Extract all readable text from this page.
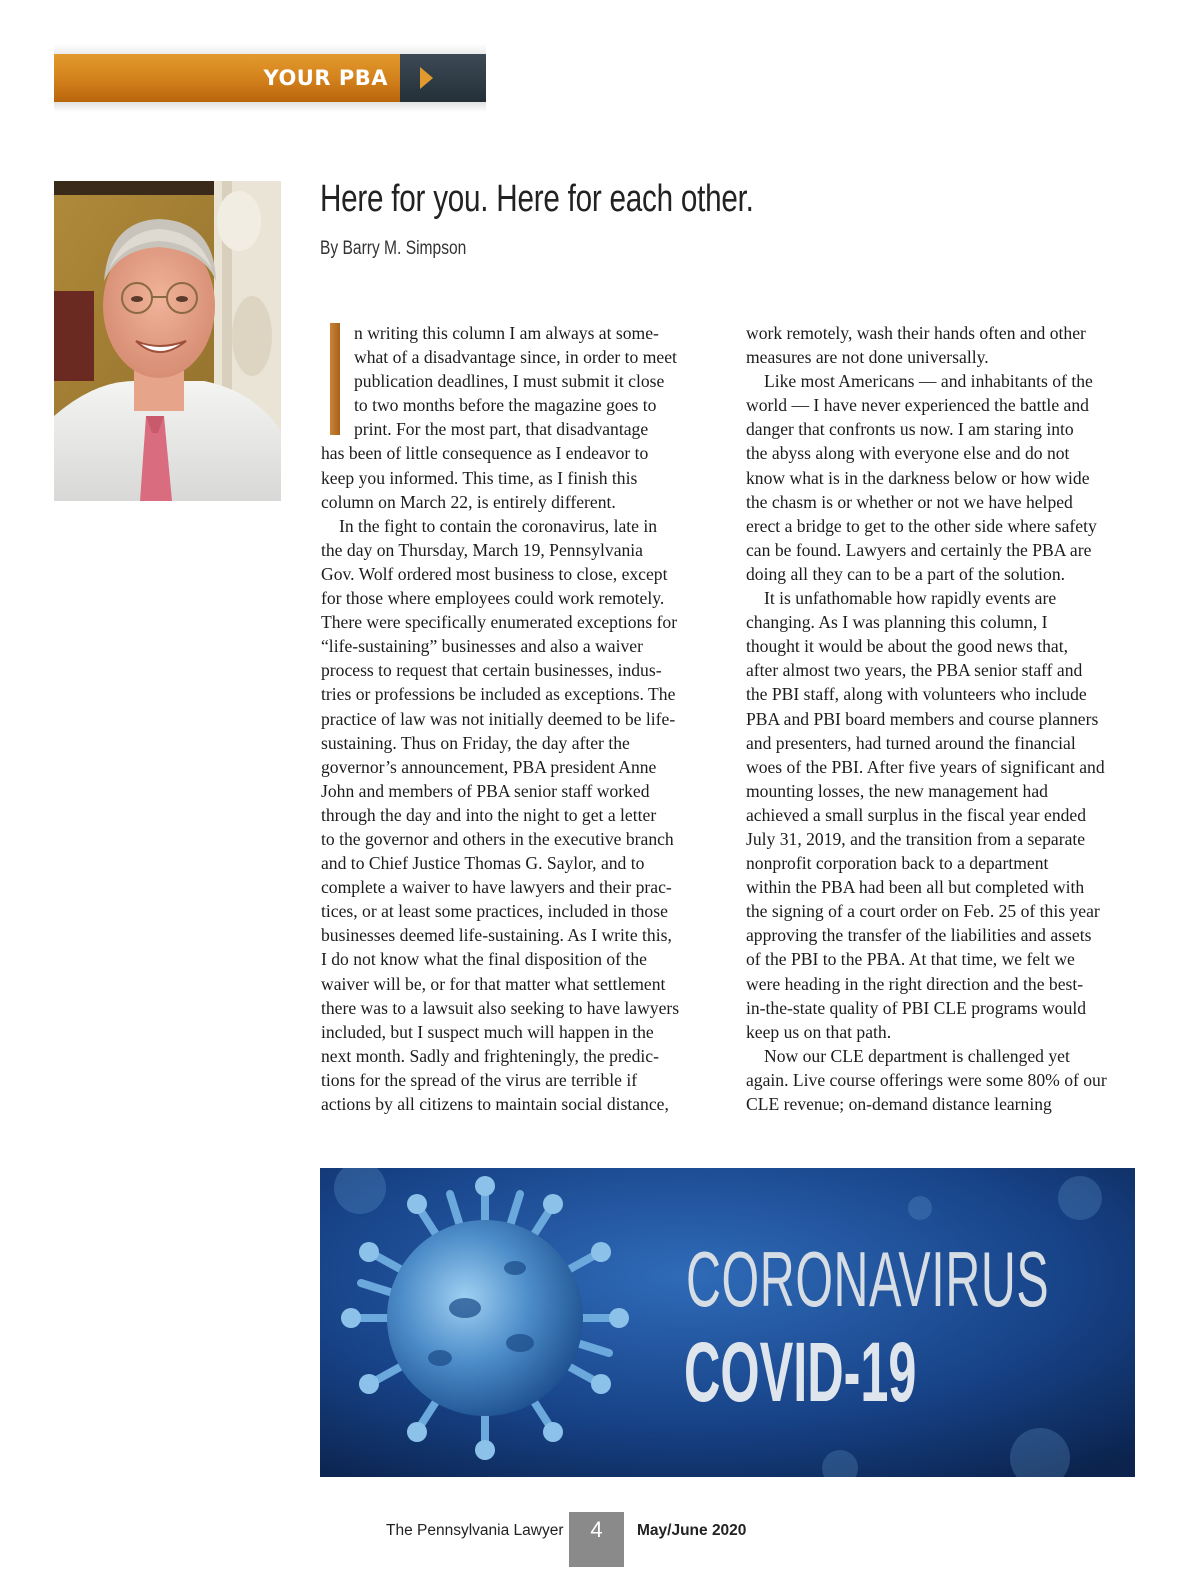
YOUR PBA
Here for you. Here for each other.
By Barry M. Simpson
n writing this column I am always at some-
what of a disadvantage since, in order to meet
publication deadlines, I must submit it close
to two months before the magazine goes to
print. For the most part, that disadvantage
has been of little consequence as I endeavor to
keep you informed. This time, as I finish this
column on March 22, is entirely different.
In the fight to contain the coronavirus, late in
the day on Thursday, March 19, Pennsylvania
Gov. Wolf ordered most business to close, except
for those where employees could work remotely.
There were specifically enumerated exceptions for
“life-sustaining” businesses and also a waiver
process to request that certain businesses, indus-
tries or professions be included as exceptions. The
practice of law was not initially deemed to be life-
sustaining. Thus on Friday, the day after the
governor’s announcement, PBA president Anne
John and members of PBA senior staff worked
through the day and into the night to get a letter
to the governor and others in the executive branch
and to Chief Justice Thomas G. Saylor, and to
complete a waiver to have lawyers and their prac-
tices, or at least some practices, included in those
businesses deemed life-sustaining. As I write this,
I do not know what the final disposition of the
waiver will be, or for that matter what settlement
there was to a lawsuit also seeking to have lawyers
included, but I suspect much will happen in the
next month. Sadly and frighteningly, the predic-
tions for the spread of the virus are terrible if
actions by all citizens to maintain social distance,
work remotely, wash their hands often and other
measures are not done universally.
Like most Americans — and inhabitants of the
world — I have never experienced the battle and
danger that confronts us now. I am staring into
the abyss along with everyone else and do not
know what is in the darkness below or how wide
the chasm is or whether or not we have helped
erect a bridge to get to the other side where safety
can be found. Lawyers and certainly the PBA are
doing all they can to be a part of the solution.
It is unfathomable how rapidly events are
changing. As I was planning this column, I
thought it would be about the good news that,
after almost two years, the PBA senior staff and
the PBI staff, along with volunteers who include
PBA and PBI board members and course planners
and presenters, had turned around the financial
woes of the PBI. After five years of significant and
mounting losses, the new management had
achieved a small surplus in the fiscal year ended
July 31, 2019, and the transition from a separate
nonprofit corporation back to a department
within the PBA had been all but completed with
the signing of a court order on Feb. 25 of this year
approving the transfer of the liabilities and assets
of the PBI to the PBA. At that time, we felt we
were heading in the right direction and the best-
in-the-state quality of PBI CLE programs would
keep us on that path.
Now our CLE department is challenged yet
again. Live course offerings were some 80% of our
CLE revenue; on-demand distance learning
CORONAVIRUS
COVID-19
The Pennsylvania Lawyer	4	May/June 2020
